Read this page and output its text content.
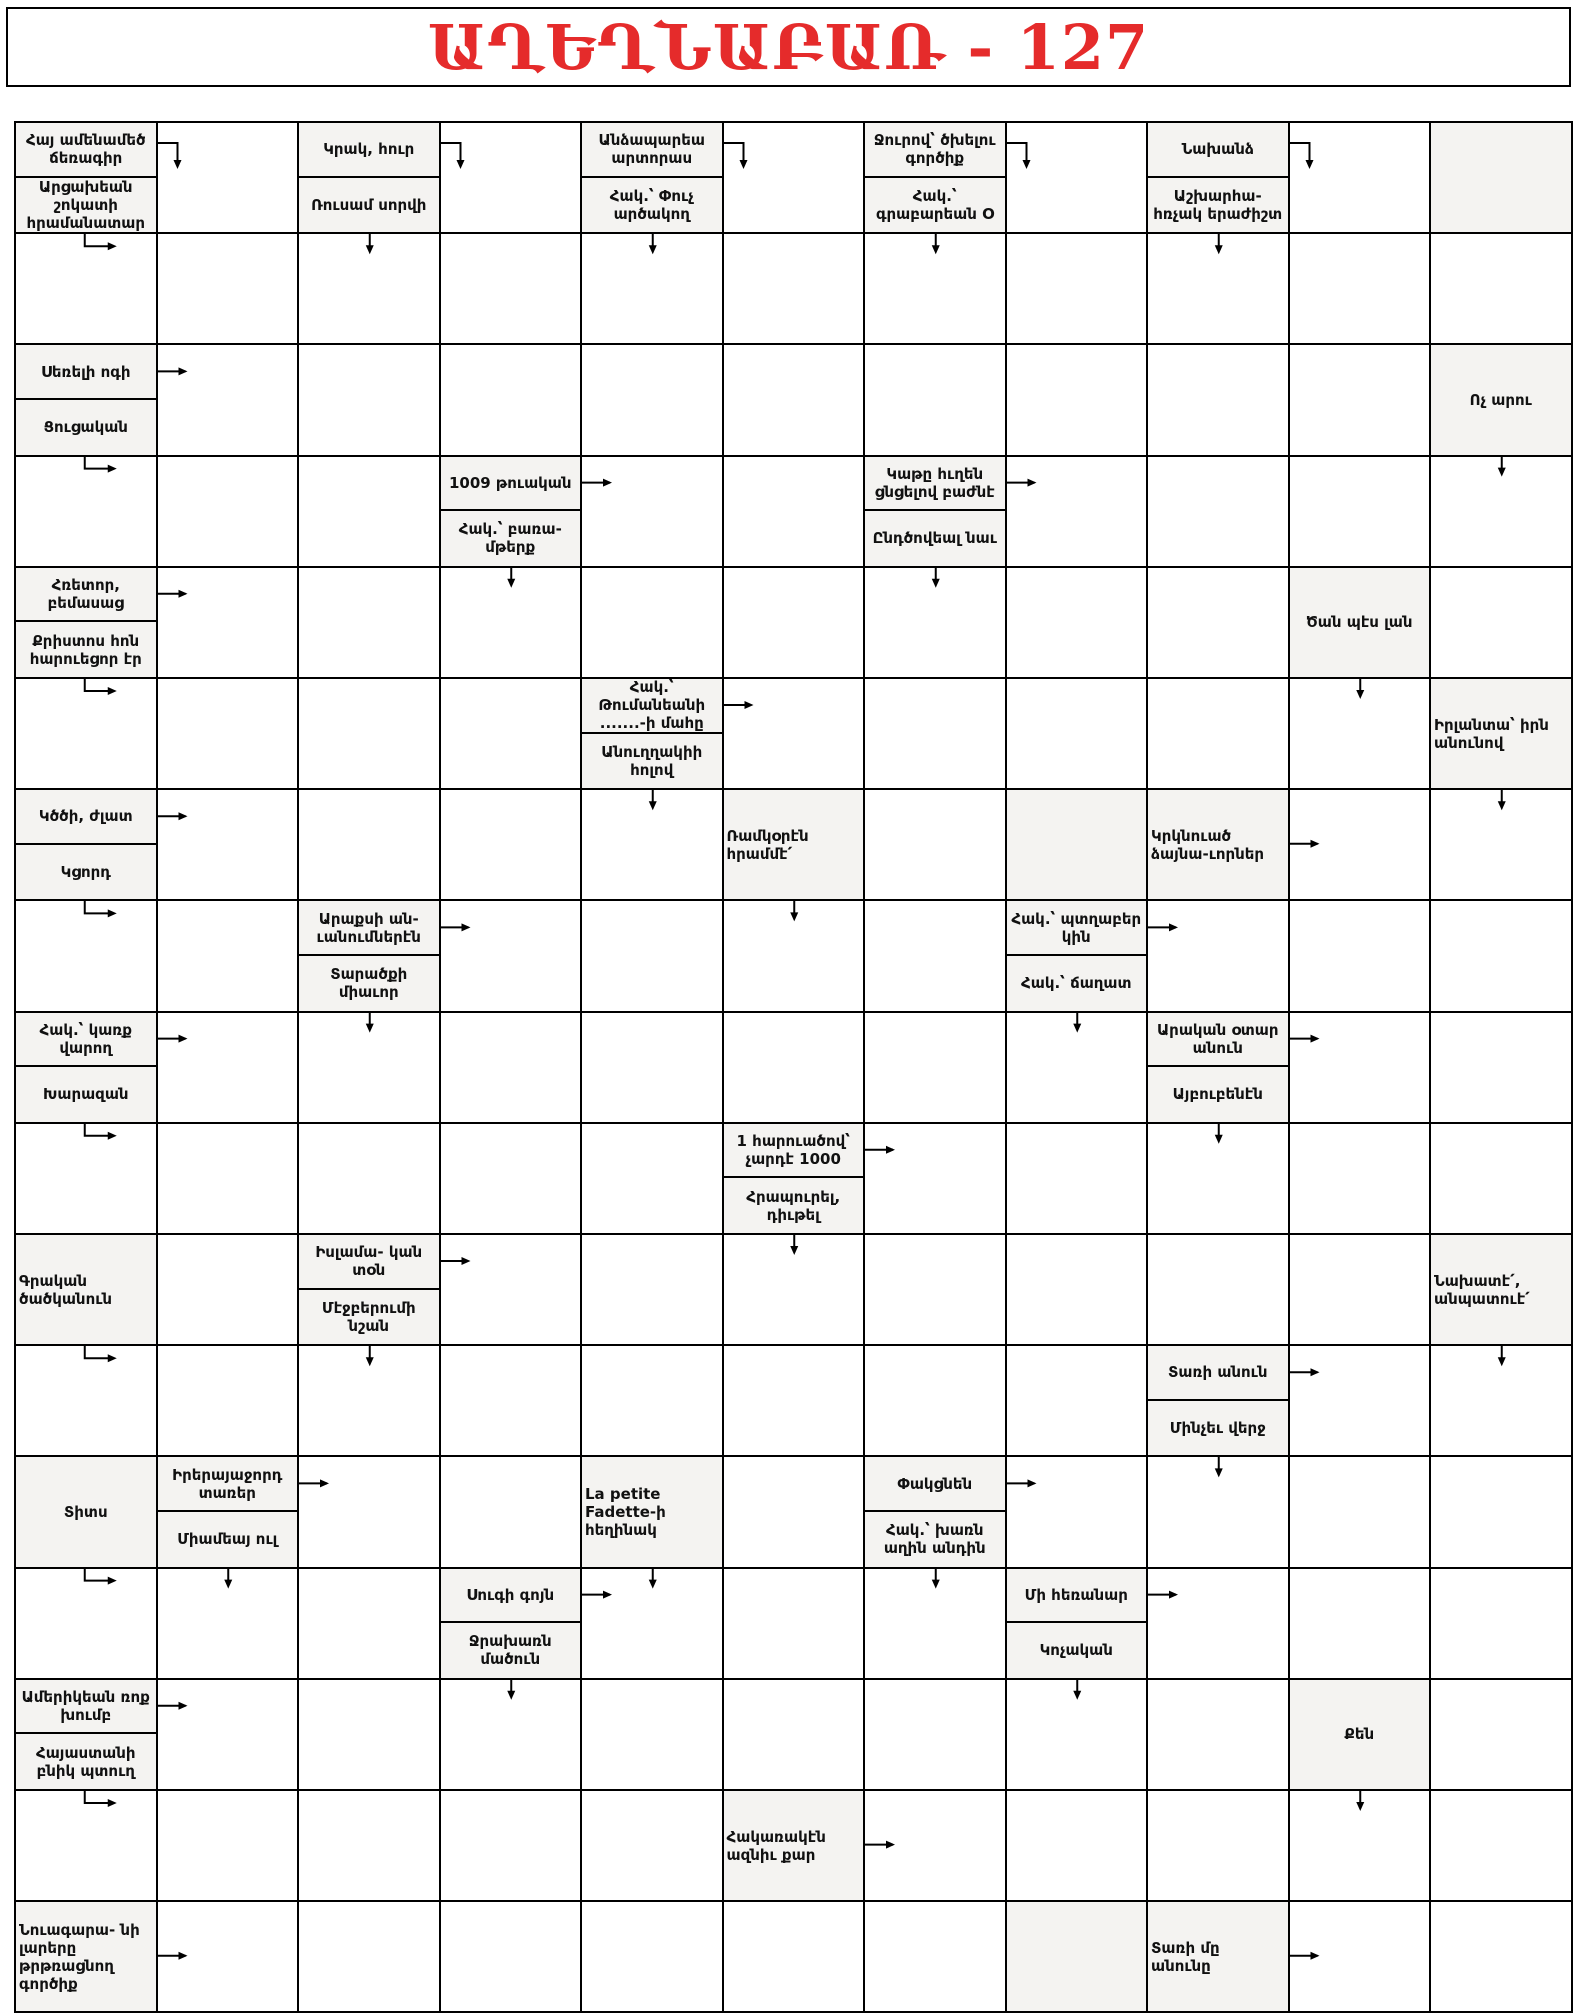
ԱՂԵՂՆԱԲԱՌ - 127
Հայ ամենամեծ ճեռագիր
Արցախեան շոկատի հրամանատար
Կրակ, հուր
Ռուսամ սորվի
Անձապարեա արտորաս
Հակ.՝ Փուչ արծակող
Ջուրով՝ ծխելու գործիք
Հակ.՝ գրաբարեան Օ
Նախանձ
Աշխարհա- հռչակ երաժիշտ
Սեռելի ոգի
Ցուցական
Ոչ արու
1009 թուական
Հակ.՝ բառա- մթերք
Կաթը հւղեն ցնցելով բաժնէ
Ընդծովեալ նաւ
Հռետոր, բեմասաց
Քրիստոս հոն հարուեցոր էր
Ծան պէս լան
Հակ.՝ Թումանեանի .......-ի մահը
Անուղղակիի հոլով
Իրլանտա՝ իրն անունով
Կծծի, ժլատ
Կցորդ
Ռամկօրէն հրամմէ՛
Կրկնուած ձայնա-ւորներ
Արաքսի ան- ւանումներէն
Տարածքի միաւոր
Հակ.՝ պտղաբեր կին
Հակ.՝ ճաղատ
Հակ.՝ կառք վարող
Խարազան
Արական օտար անուն
Այբուբենէն
1 հարուածով՝ չարդէ 1000
Հրապուրել, դիւթել
Գրական ծածկանուն
Իսլամա- կան տօն
Մէջբերումի նշան
Նախատէ՛, անպատուէ՛
Տառի անուն
Մինչեւ վերջ
Տիտս
Իրերայաջորդ տառեր
Միամեայ ուլ
La petite Fadette-ի հեղինակ
Փակցնեն
Հակ.՝ խառն աղին անդին
Սուգի գոյն
Ջրախառն մածուն
Մի հեռանար
Կոչական
Ամերիկեան ռոք խումբ
Հայաստանի բնիկ պտուղ
Քեն
Հակառակէն ազնիւ քար
Նուագարա- նի լարերը թրթռացնող գործիք
Տառի մը անունը
